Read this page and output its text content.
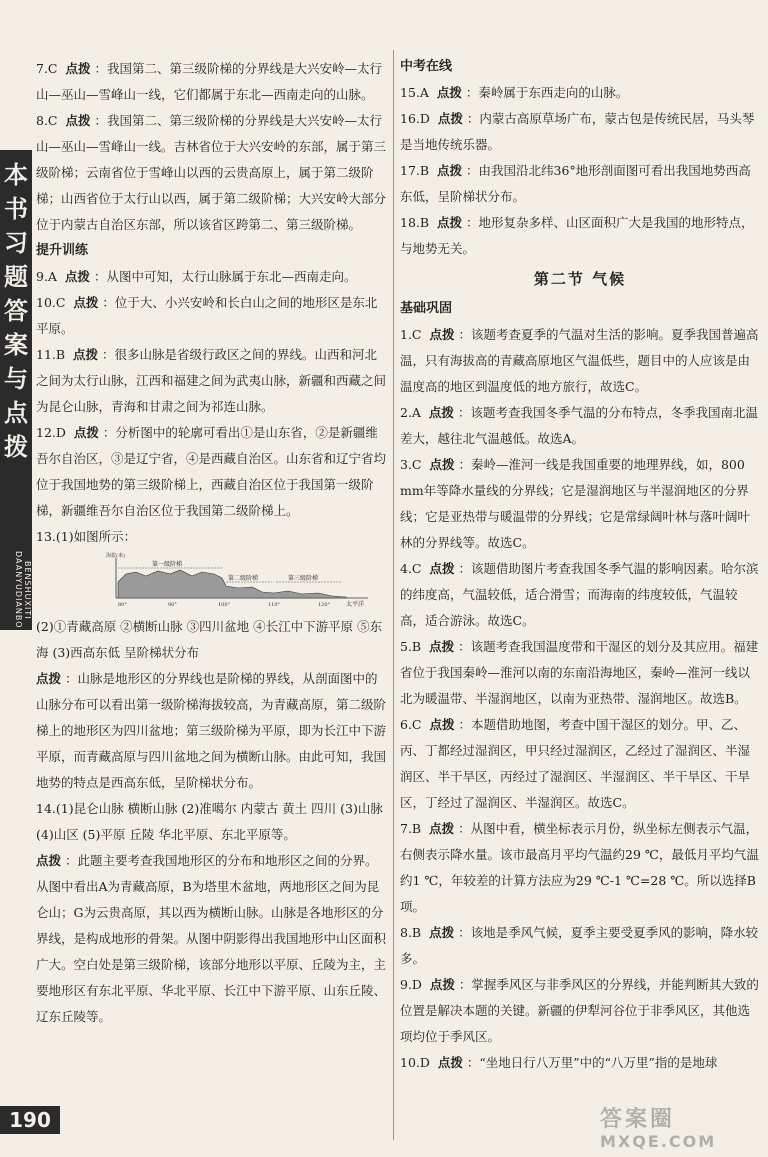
本
书
习
题
答
案
与
点
拨
BENSHUXITI DAANYUDIANBO
7.C 点拨 ：我国第二、第三级阶梯的分界线是大兴安岭—太行山—巫山—雪峰山一线，它们都属于东北—西南走向的山脉。
8.C 点拨 ：我国第二、第三级阶梯的分界线是大兴安岭—太行山—巫山—雪峰山一线。吉林省位于大兴安岭的东部，属于第三级阶梯；云南省位于雪峰山以西的云贵高原上，属于第二级阶梯；山西省位于太行山以西，属于第二级阶梯；大兴安岭大部分位于内蒙古自治区东部，所以该省区跨第二、第三级阶梯。
提升训练
9.A 点拨 ：从图中可知，太行山脉属于东北—西南走向。
10.C 点拨 ：位于大、小兴安岭和长白山之间的地形区是东北平原。
11.B 点拨 ：很多山脉是省级行政区之间的界线。山西和河北之间为太行山脉，江西和福建之间为武夷山脉，新疆和西藏之间为昆仑山脉，青海和甘肃之间为祁连山脉。
12.D 点拨 ：分析图中的轮廓可看出①是山东省，②是新疆维吾尔自治区，③是辽宁省，④是西藏自治区。山东省和辽宁省均位于我国地势的第三级阶梯上，西藏自治区位于我国第一级阶梯，新疆维吾尔自治区位于我国第二级阶梯上。
13.(1)如图所示：
海拔(米)
第一级阶梯
第二级阶梯	第三级阶梯
太平洋
80°	90°	100°	110°	120°
(2)①青藏高原 ②横断山脉 ③四川盆地 ④长江中下游平原 ⑤东海 (3)西高东低 呈阶梯状分布
点拨 ：山脉是地形区的分界线也是阶梯的界线，从剖面图中的山脉分布可以看出第一级阶梯海拔较高，为青藏高原，第二级阶梯上的地形区为四川盆地；第三级阶梯为平原，即为长江中下游平原，而青藏高原与四川盆地之间为横断山脉。由此可知，我国地势的特点是西高东低，呈阶梯状分布。
14.(1)昆仑山脉 横断山脉 (2)准噶尔 内蒙古 黄土 四川 (3)山脉 (4)山区 (5)平原 丘陵 华北平原、东北平原等。
点拨 ：此题主要考查我国地形区的分布和地形区之间的分界。从图中看出A为青藏高原，B为塔里木盆地，两地形区之间为昆仑山；G为云贵高原，其以西为横断山脉。山脉是各地形区的分界线，是构成地形的骨架。从图中阴影得出我国地形中山区面积广大。空白处是第三级阶梯，该部分地形以平原、丘陵为主，主要地形区有东北平原、华北平原、长江中下游平原、山东丘陵、辽东丘陵等。
中考在线
15.A 点拨 ：秦岭属于东西走向的山脉。
16.D 点拨 ：内蒙古高原草场广布，蒙古包是传统民居，马头琴是当地传统乐器。
17.B 点拨 ：由我国沿北纬36°地形剖面图可看出我国地势西高东低，呈阶梯状分布。
18.B 点拨 ：地形复杂多样、山区面积广大是我国的地形特点，与地势无关。
第二节 气候
基础巩固
1.C 点拨 ：该题考查夏季的气温对生活的影响。夏季我国普遍高温，只有海拔高的青藏高原地区气温低些，题目中的人应该是由温度高的地区到温度低的地方旅行，故选C。
2.A 点拨 ：该题考查我国冬季气温的分布特点，冬季我国南北温差大，越往北气温越低。故选A。
3.C 点拨 ：秦岭—淮河一线是我国重要的地理界线，如，800 mm年等降水量线的分界线；它是湿润地区与半湿润地区的分界线；它是亚热带与暖温带的分界线；它是常绿阔叶林与落叶阔叶林的分界线等。故选C。
4.C 点拨 ：该题借助图片考查我国冬季气温的影响因素。哈尔滨的纬度高，气温较低，适合滑雪；而海南的纬度较低，气温较高，适合游泳。故选C。
5.B 点拨 ：该题考查我国温度带和干湿区的划分及其应用。福建省位于我国秦岭—淮河以南的东南沿海地区，秦岭—淮河一线以北为暖温带、半湿润地区，以南为亚热带、湿润地区。故选B。
6.C 点拨 ：本题借助地图，考查中国干湿区的划分。甲、乙、丙、丁都经过湿润区，甲只经过湿润区，乙经过了湿润区、半湿润区、半干旱区，丙经过了湿润区、半湿润区、半干旱区、干旱区，丁经过了湿润区、半湿润区。故选C。
7.B 点拨 ：从图中看，横坐标表示月份，纵坐标左侧表示气温，右侧表示降水量。该市最高月平均气温约29 ℃，最低月平均气温约1 ℃，年较差的计算方法应为29 ℃-1 ℃=28 ℃。所以选择B项。
8.B 点拨 ：该地是季风气候，夏季主要受夏季风的影响，降水较多。
9.D 点拨 ：掌握季风区与非季风区的分界线，并能判断其大致的位置是解决本题的关键。新疆的伊犁河谷位于非季风区，其他选项均位于季风区。
10.D 点拨 ：“坐地日行八万里”中的“八万里”指的是地球
190	答案圈
MXQE.COM
